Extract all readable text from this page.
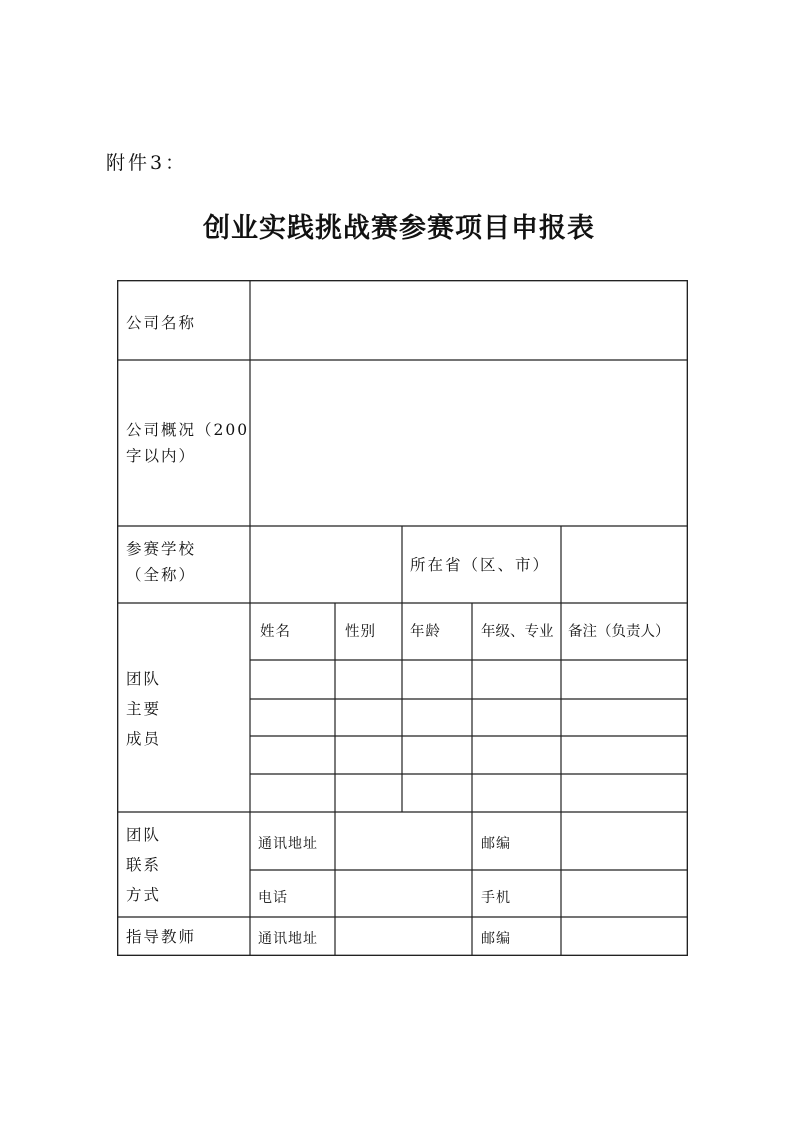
附件3：
创业实践挑战赛参赛项目申报表
公司名称
公司概况（200
字以内）
参赛学校
（全称）
所在省（区、市）
团队
主要
成员
姓名	性别 年龄	年级、专业 备注（负责人）
团队
联系
方式
通讯地址	邮编
电话	手机
指导教师	通讯地址	邮编
